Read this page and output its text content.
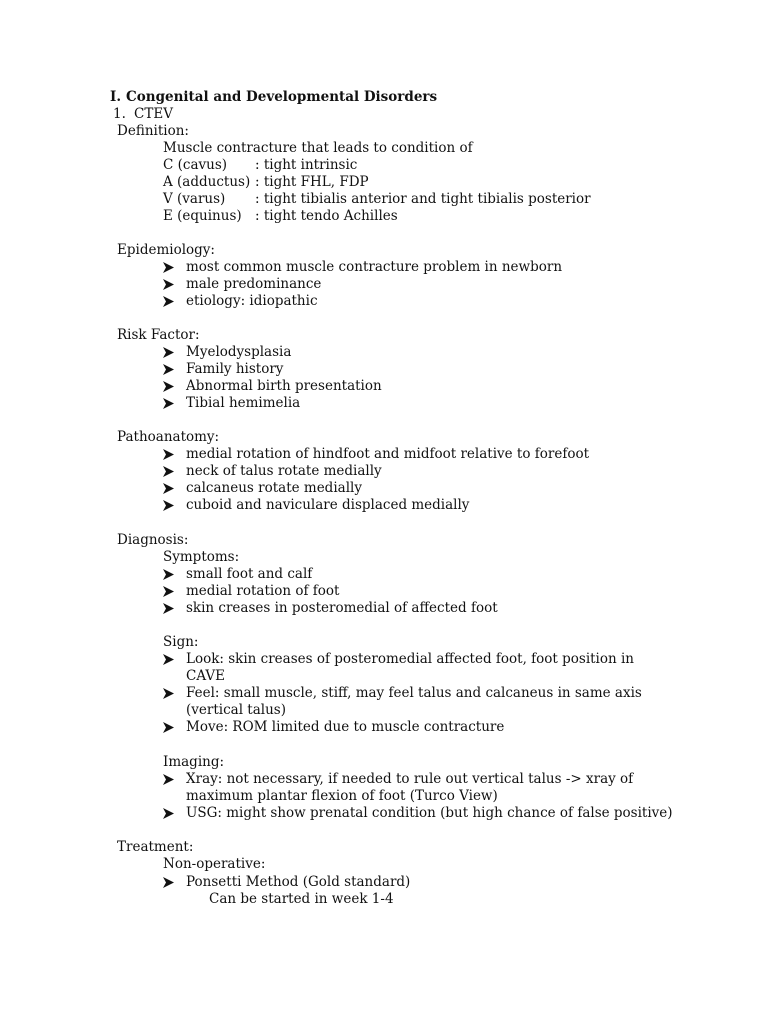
I. Congenital and Developmental Disorders
1. CTEV
Definition:
Muscle contracture that leads to condition of
C (cavus) : tight intrinsic
A (adductus) : tight FHL, FDP
V (varus) : tight tibialis anterior and tight tibialis posterior
E (equinus) : tight tendo Achilles
Epidemiology:
most common muscle contracture problem in newborn
male predominance
etiology: idiopathic
Risk Factor:
Myelodysplasia
Family history
Abnormal birth presentation
Tibial hemimelia
Pathoanatomy:
medial rotation of hindfoot and midfoot relative to forefoot
neck of talus rotate medially
calcaneus rotate medially
cuboid and naviculare displaced medially
Diagnosis:
Symptoms:
small foot and calf
medial rotation of foot
skin creases in posteromedial of affected foot
Sign:
Look: skin creases of posteromedial affected foot, foot position in
CAVE
Feel: small muscle, stiff, may feel talus and calcaneus in same axis
(vertical talus)
Move: ROM limited due to muscle contracture
Imaging:
Xray: not necessary, if needed to rule out vertical talus -> xray of
maximum plantar flexion of foot (Turco View)
USG: might show prenatal condition (but high chance of false positive)
Treatment:
Non-operative:
Ponsetti Method (Gold standard)
Can be started in week 1-4
